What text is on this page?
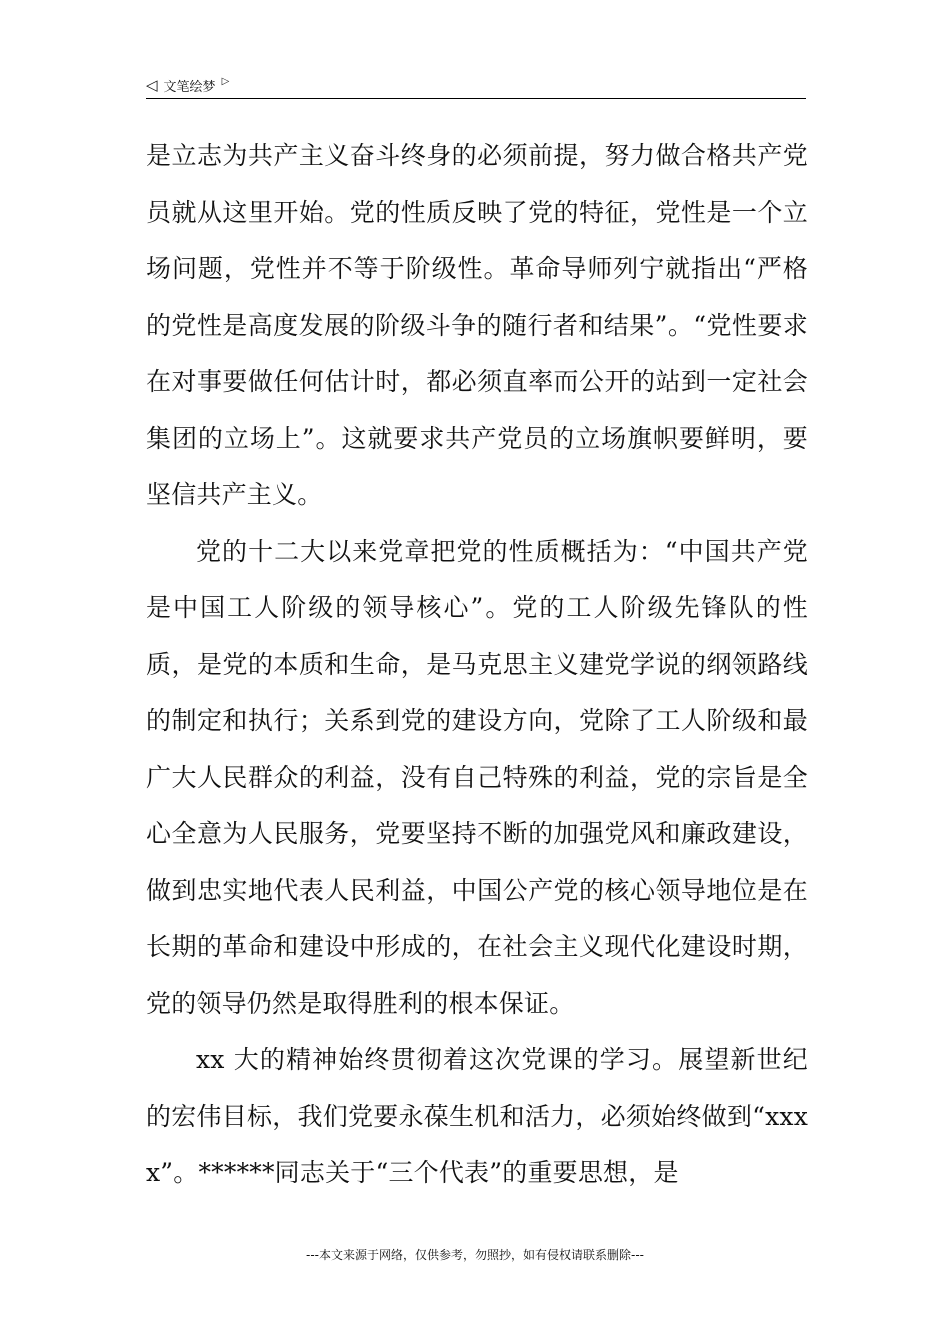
◁ 文笔绘梦 ▷

是立志为共产主义奋斗终身的必须前提，努力做合格共产党员就从这里开始。党的性质反映了党的特征，党性是一个立场问题，党性并不等于阶级性。革命导师列宁就指出“严格的党性是高度发展的阶级斗争的随行者和结果”。“党性要求在对事要做任何估计时，都必须直率而公开的站到一定社会集团的立场上”。这就要求共产党员的立场旗帜要鲜明，要坚信共产主义。

党的十二大以来党章把党的性质概括为：“中国共产党是中国工人阶级的领导核心”。党的工人阶级先锋队的性质，是党的本质和生命，是马克思主义建党学说的纲领路线的制定和执行；关系到党的建设方向，党除了工人阶级和最广大人民群众的利益，没有自己特殊的利益，党的宗旨是全心全意为人民服务，党要坚持不断的加强党风和廉政建设，做到忠实地代表人民利益，中国公产党的核心领导地位是在长期的革命和建设中形成的，在社会主义现代化建设时期，党的领导仍然是取得胜利的根本保证。

xx 大的精神始终贯彻着这次党课的学习。展望新世纪的宏伟目标，我们党要永葆生机和活力，必须始终做到“xxxx”。******同志关于“三个代表”的重要思想，是

---本文来源于网络，仅供参考，勿照抄，如有侵权请联系删除---
